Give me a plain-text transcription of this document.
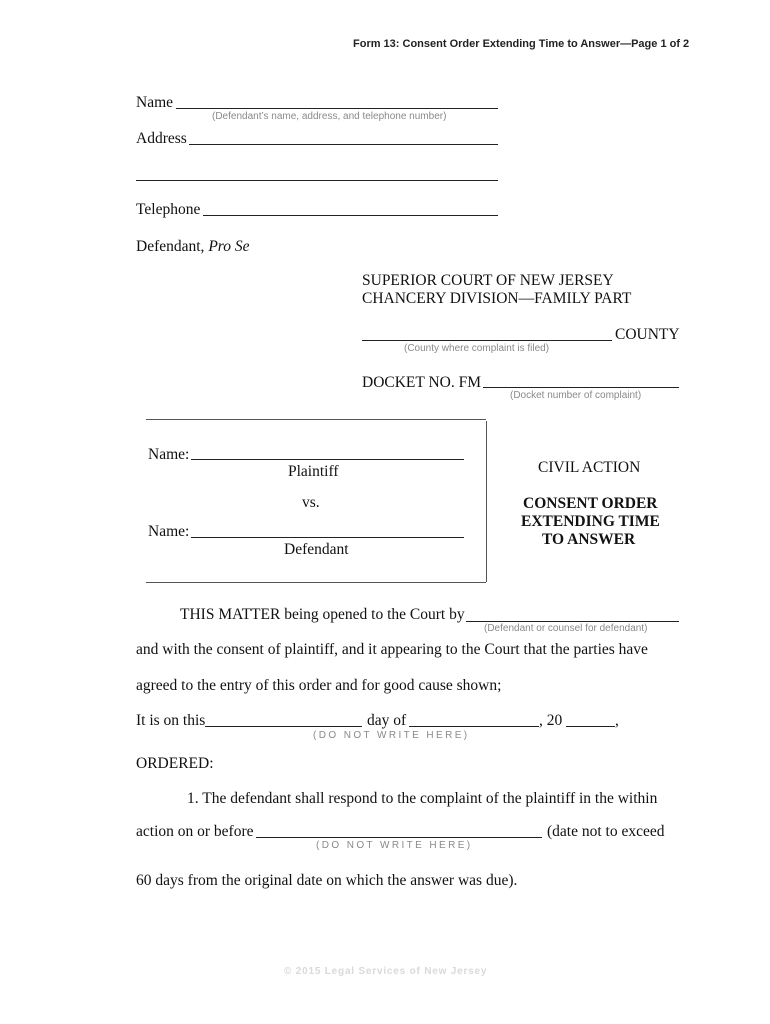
Form 13: Consent Order Extending Time to Answer—Page 1 of 2
Name
(Defendant’s name, address, and telephone number)
Address
Telephone
Defendant, Pro Se
SUPERIOR COURT OF NEW JERSEY
CHANCERY DIVISION—FAMILY PART
COUNTY
(County where complaint is filed)
DOCKET NO. FM
(Docket number of complaint)
Name:
Plaintiff
vs.
Name:
Defendant
CIVIL ACTION
CONSENT ORDER
EXTENDING TIME
TO ANSWER
THIS MATTER being opened to the Court by
(Defendant or counsel for defendant)
and with the consent of plaintiff, and it appearing to the Court that the parties have
agreed to the entry of this order and for good cause shown;
It is on this	day of	, 20	,
(DO NOT WRITE HERE)
ORDERED:
1. The defendant shall respond to the complaint of the plaintiff in the within
action on or before	(date not to exceed
(DO NOT WRITE HERE)
60 days from the original date on which the answer was due).
© 2015 Legal Services of New Jersey
